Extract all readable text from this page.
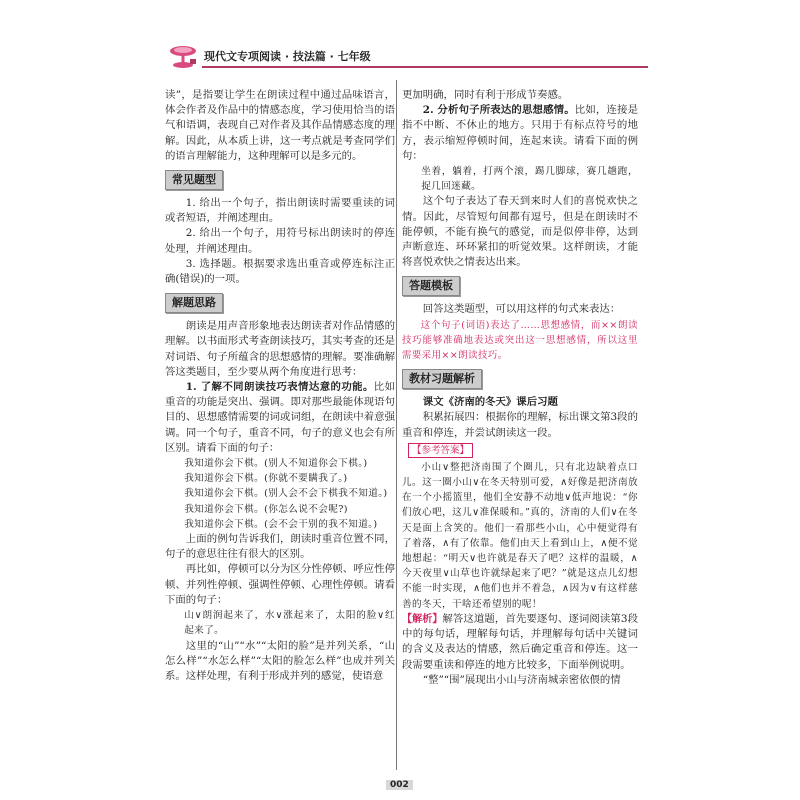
现代文专项阅读 · 技法篇 · 七年级

读”，是指要让学生在朗读过程中通过品味语言，体会作者及作品中的情感态度，学习使用恰当的语气和语调，表现自己对作者及其作品情感态度的理解。因此，从本质上讲，这一考点就是考查同学们的语言理解能力，这种理解可以是多元的。

常见题型

1. 给出一个句子，指出朗读时需要重读的词或者短语，并阐述理由。

2. 给出一个句子，用符号标出朗读时的停连处理，并阐述理由。

3. 选择题。根据要求选出重音或停连标注正确(错误)的一项。

解题思路

朗读是用声音形象地表达朗读者对作品情感的理解。以书面形式考查朗读技巧，其实考查的还是对词语、句子所蕴含的思想感情的理解。要准确解答这类题目，至少要从两个角度进行思考：

1. 了解不同朗读技巧表情达意的功能。比如重音的功能是突出、强调。即对那些最能体现语句目的、思想感情需要的词或词组，在朗读中着意强调。同一个句子，重音不同，句子的意义也会有所区别。请看下面的句子：

我知道你会下棋。(别人不知道你会下棋。)

我知道你会下棋。(你就不要瞒我了。)

我知道你会下棋。(别人会不会下棋我不知道。)

我知道你会下棋。(你怎么说不会呢?)

我知道你会下棋。(会不会干别的我不知道。)

上面的例句告诉我们，朗读时重音位置不同，句子的意思往往有很大的区别。

再比如，停顿可以分为区分性停顿、呼应性停顿、并列性停顿、强调性停顿、心理性停顿。请看下面的句子：

山∨朗润起来了，水∨涨起来了，太阳的脸∨红起来了。

这里的“山”“水”“太阳的脸”是并列关系，“山怎么样”“水怎么样”“太阳的脸怎么样”也成并列关系。这样处理，有利于形成并列的感觉，使语意

更加明确，同时有利于形成节奏感。

2. 分析句子所表达的思想感情。比如，连接是指不中断、不休止的地方。只用于有标点符号的地方，表示缩短停顿时间，连起来读。请看下面的例句：

坐着，躺着，打两个滚，踢几脚球，赛几趟跑，捉几回迷藏。

这个句子表达了春天到来时人们的喜悦欢快之情。因此，尽管短句间都有逗号，但是在朗读时不能停顿，不能有换气的感觉，而是似停非停，达到声断意连、环环紧扣的听觉效果。这样朗读，才能将喜悦欢快之情表达出来。

答题模板

回答这类题型，可以用这样的句式来表达：

这个句子(词语)表达了……思想感情，而××朗读技巧能够准确地表达或突出这一思想感情，所以这里需要采用××朗读技巧。

教材习题解析

课文《济南的冬天》课后习题

积累拓展四：根据你的理解，标出课文第3段的重音和停连，并尝试朗读这一段。

【参考答案】

小山∨整把济南围了个圈儿，只有北边缺着点口儿。这一圈小山∨在冬天特别可爱，∧好像是把济南放在一个小摇篮里，他们全安静不动地∨低声地说：“你们放心吧，这儿∨准保暖和。”真的，济南的人们∨在冬天是面上含笑的。他们一看那些小山，心中便觉得有了着落，∧有了依靠。他们由天上看到山上，∧便不觉地想起：“明天∨也许就是春天了吧？这样的温暖，∧今天夜里∨山草也许就绿起来了吧？”就是这点儿幻想不能一时实现，∧他们也并不着急，∧因为∨有这样慈善的冬天，干啥还希望别的呢！

【解析】解答这道题，首先要逐句、逐词阅读第3段中的每句话，理解每句话，并理解每句话中关键词的含义及表达的情感，然后确定重音和停连。这一段需要重读和停连的地方比较多，下面举例说明。

“整”“围”展现出小山与济南城亲密依偎的情

002
